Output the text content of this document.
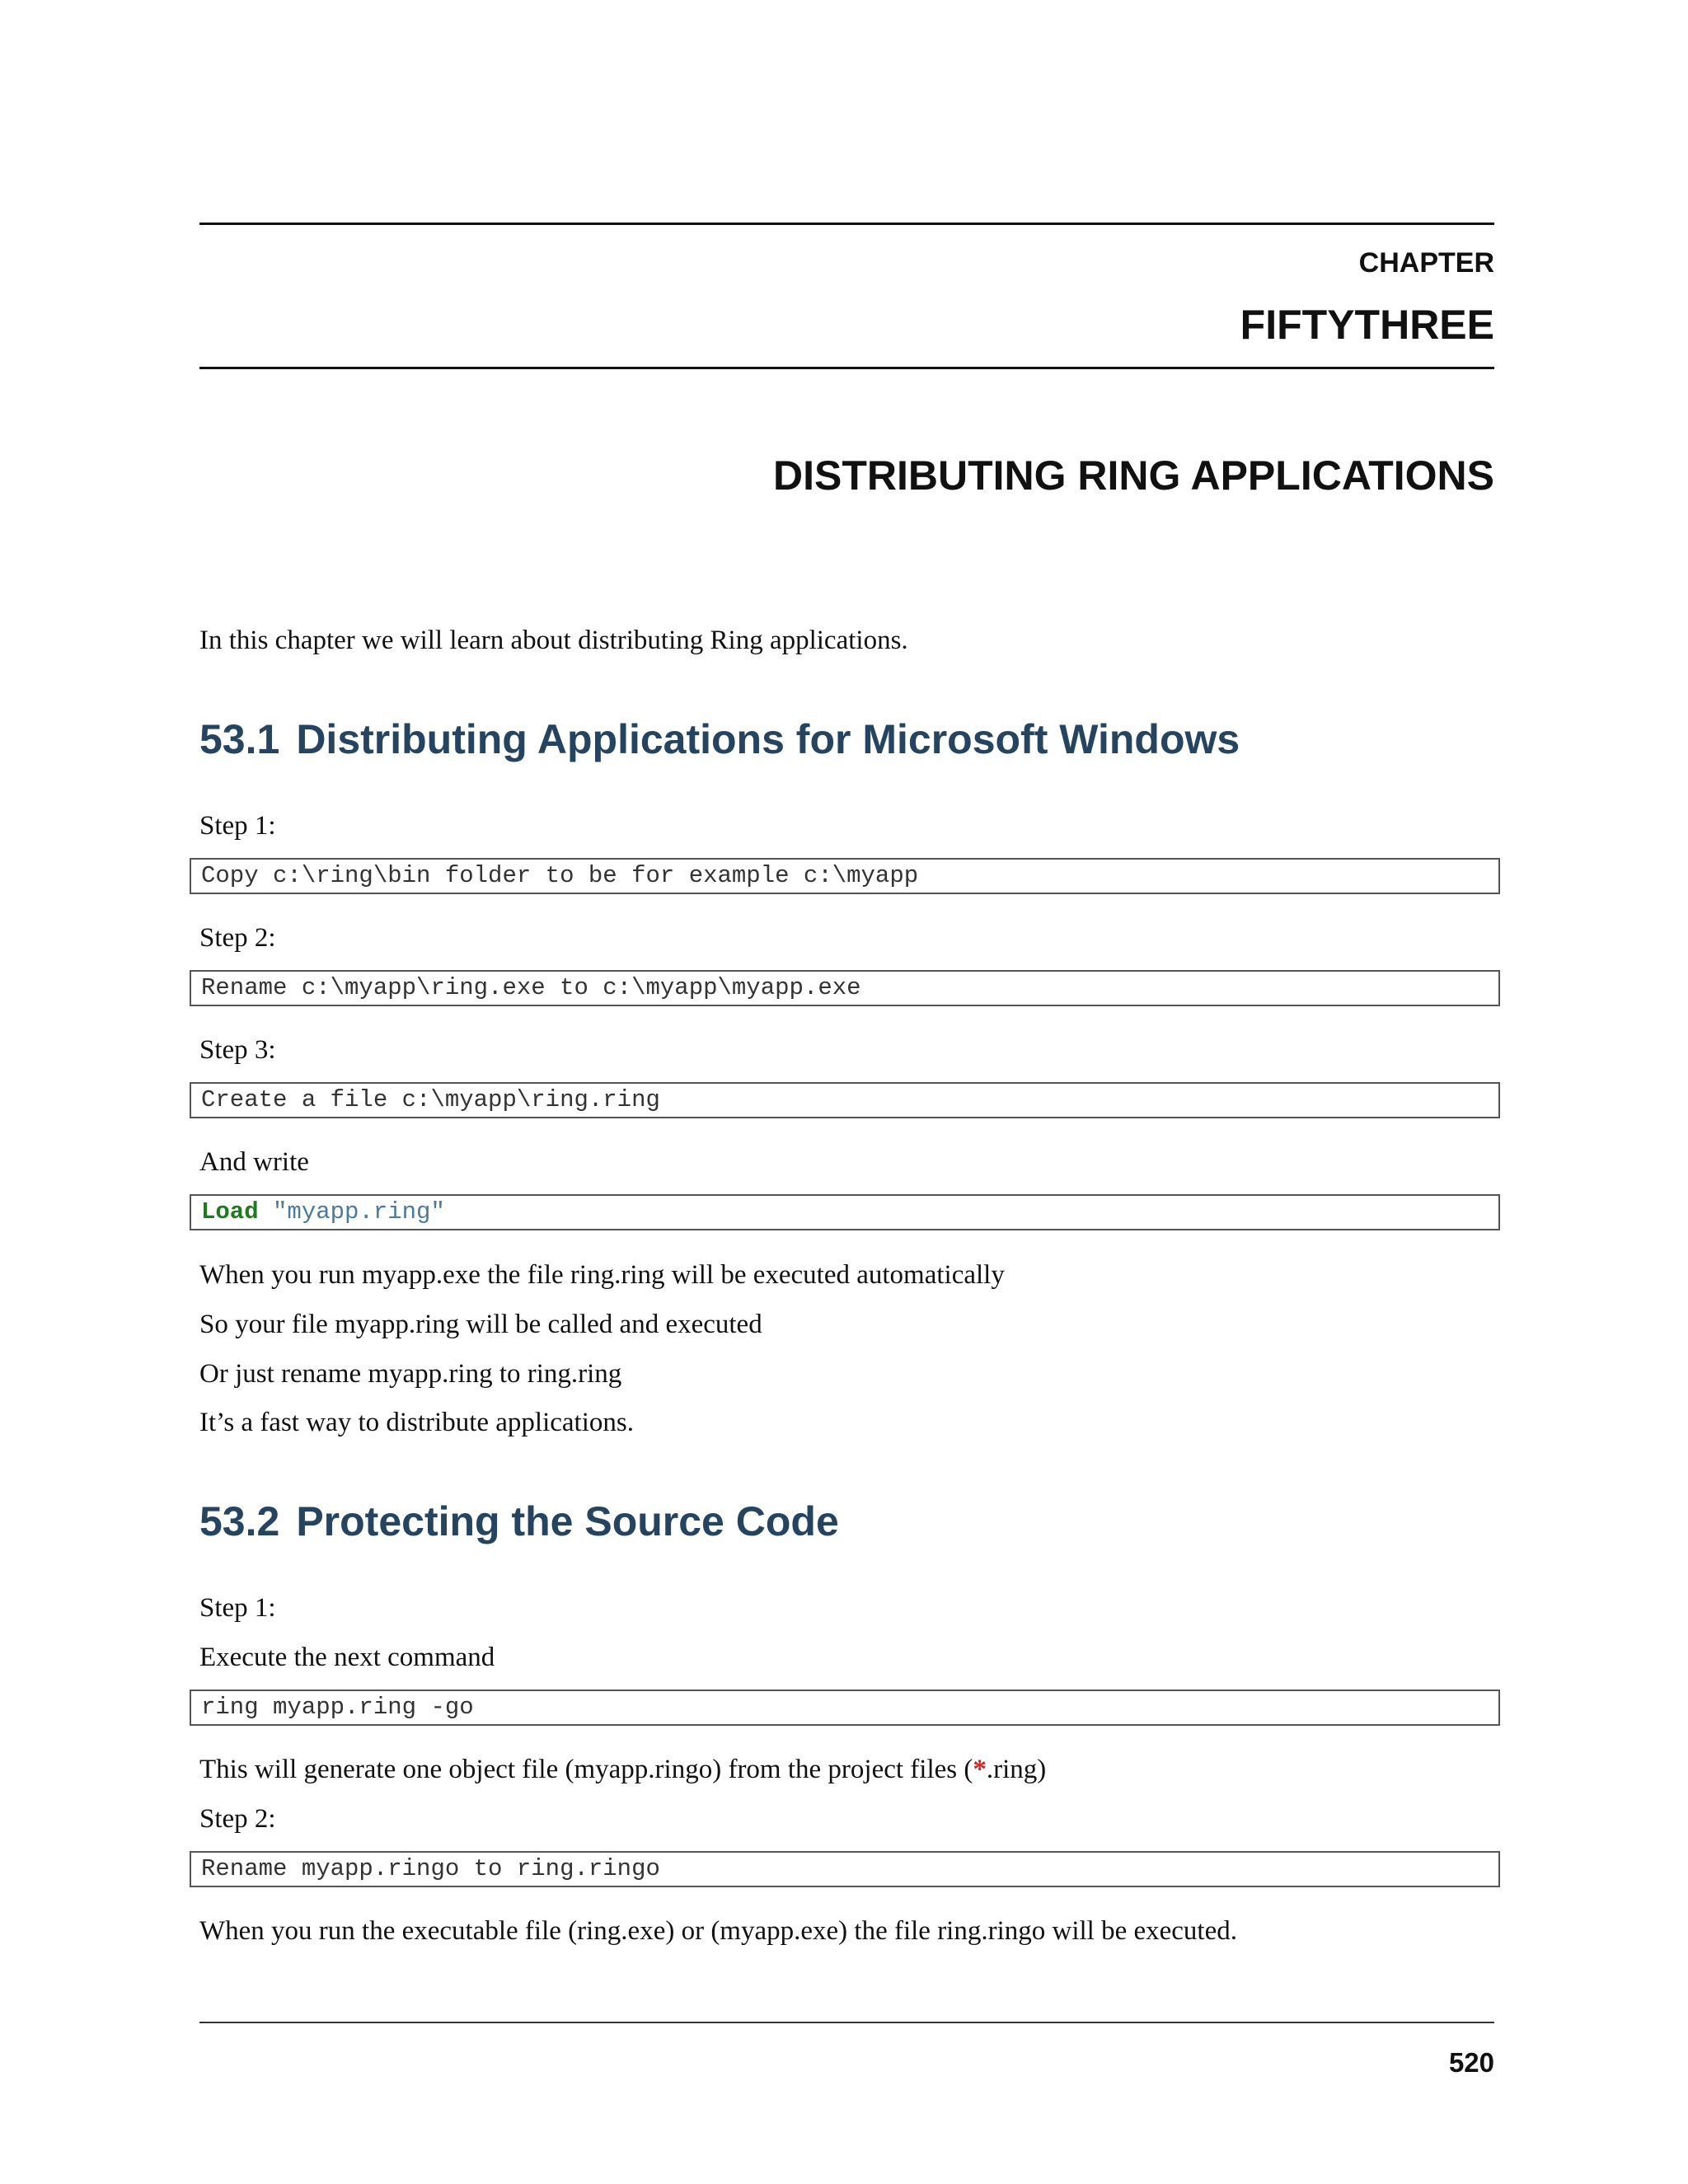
CHAPTER
FIFTYTHREE
DISTRIBUTING RING APPLICATIONS
In this chapter we will learn about distributing Ring applications.
53.1 Distributing Applications for Microsoft Windows
Step 1:
Copy c:\ring\bin folder to be for example c:\myapp
Step 2:
Rename c:\myapp\ring.exe to c:\myapp\myapp.exe
Step 3:
Create a file c:\myapp\ring.ring
And write
Load "myapp.ring"
When you run myapp.exe the file ring.ring will be executed automatically
So your file myapp.ring will be called and executed
Or just rename myapp.ring to ring.ring
It’s a fast way to distribute applications.
53.2 Protecting the Source Code
Step 1:
Execute the next command
ring myapp.ring -go
This will generate one object file (myapp.ringo) from the project files (*.ring)
Step 2:
Rename myapp.ringo to ring.ringo
When you run the executable file (ring.exe) or (myapp.exe) the file ring.ringo will be executed.
520
